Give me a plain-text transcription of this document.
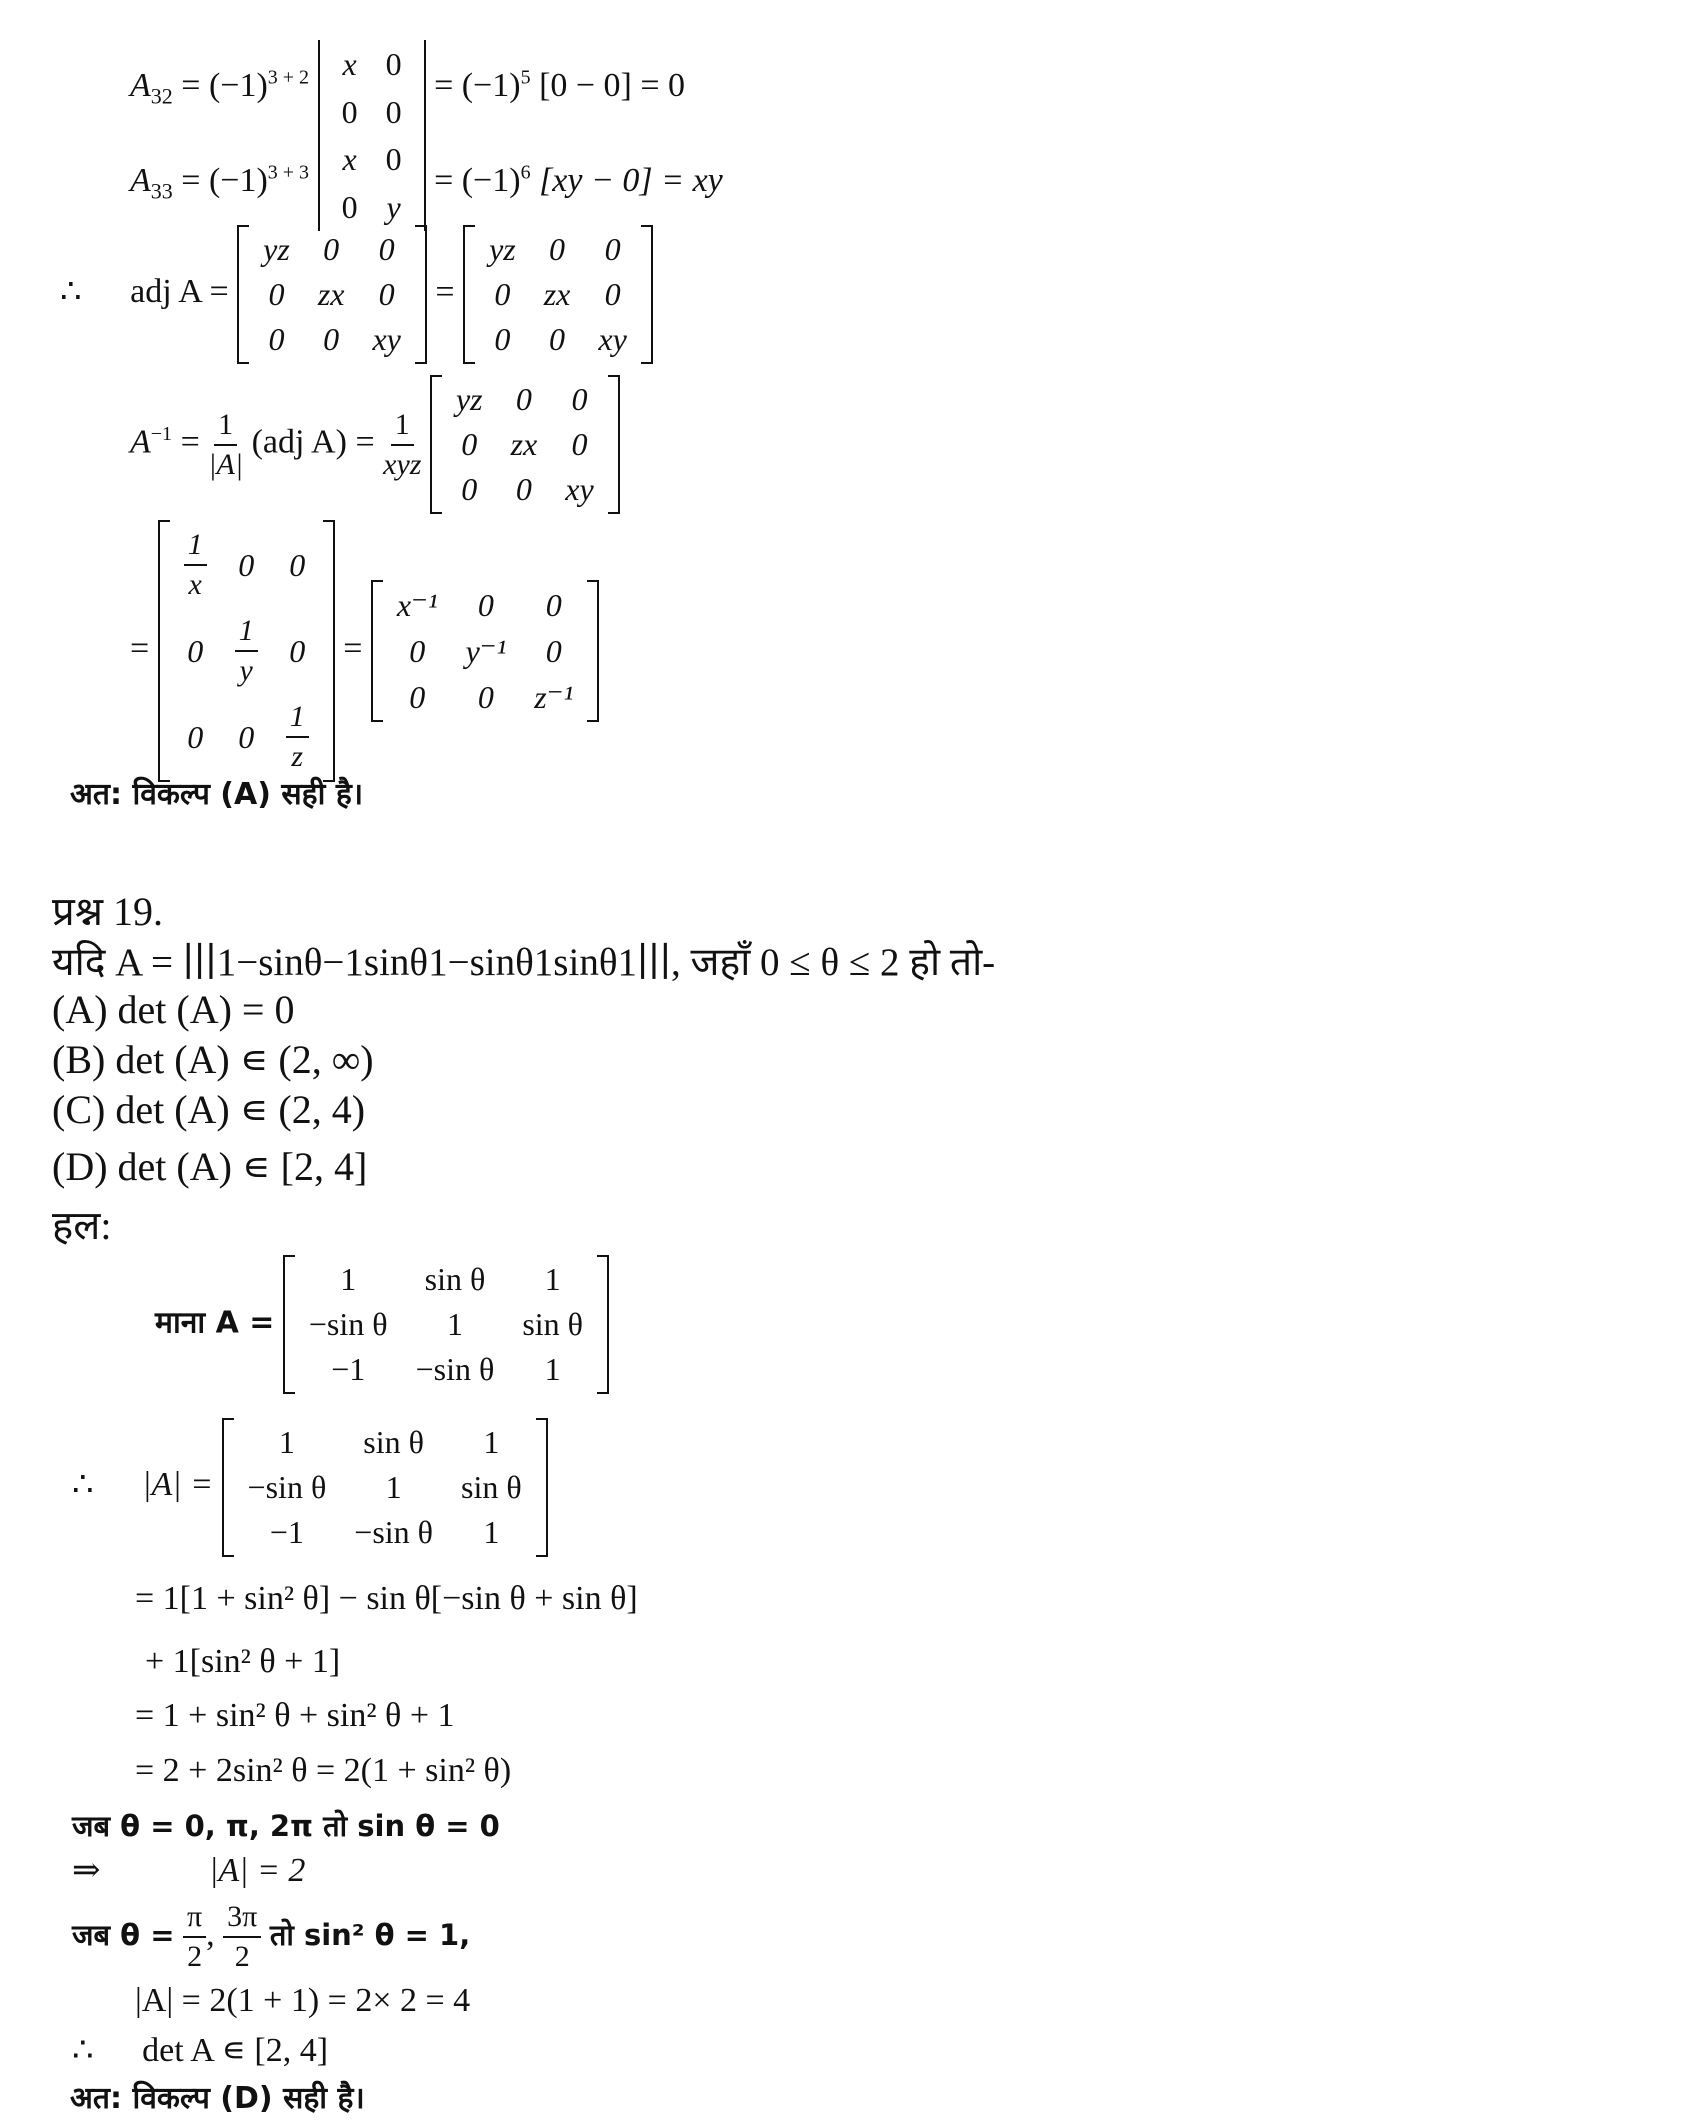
$A_{32} = (-1)^{3 + 2}$ x	0
0	0
= $(-1)^5$ [0 − 0] = 0
$A_{33} = (-1)^{3 + 3}$ x	0
0	y
= $(-1)^6$ [xy − 0] = xy
∴ adj A =
yz	0	0
0	zx	0
0	0	xy
=
yz	0	0
0	zx	0
0	0	xy
$A^{-1} = \frac{1}{|A|} (adj$ $A) = \frac{1}{\text{xyz}}$

yz	0	0
0	zx	0
0	0	xy
=
$\frac{1}{x}$	0	0
0	$\frac{1}{y}$	0
0	0	$\frac{1}{z}$
=
x⁻¹	0	0
0	y⁻¹	0
0	0	z⁻¹
अत: विकल्प (A) सही है।
प्रश्न 19.
यदि A = ∣∣∣1−sinθ−1sinθ1−sinθ1sinθ1∣∣∣, जहाँ 0 ≤ θ ≤ 2 हो तो-
(A) det (A) = 0
(B) det (A) ∊ (2, ∞)
(C) det (A) ∊ (2, 4)
(D) det (A) ∊ [2, 4]
हल:
माना A =
1	sin θ	1
−sin θ	1	sin θ
−1	−sin θ	1
∴ |A| =
1	sin θ	1
−sin θ	1	sin θ
−1	−sin θ	1
= 1[1 + sin² θ] − sin θ[−sin θ + sin θ]
+ 1[sin² θ + 1]
= 1 + sin² θ + sin² θ + 1
= 2 + 2sin² θ = 2(1 + sin² θ)
जब θ = 0, π, 2π तो sin θ = 0
⇒	|A| = 2
जब $\theta = \frac{\pi}{2}$ , $\frac{3\pi}{2}$ तो sin² θ = 1,
|A| = 2(1 + 1) = 2× 2 = 4
∴ det A ∊ [2, 4]
अत: विकल्प (D) सही है।
